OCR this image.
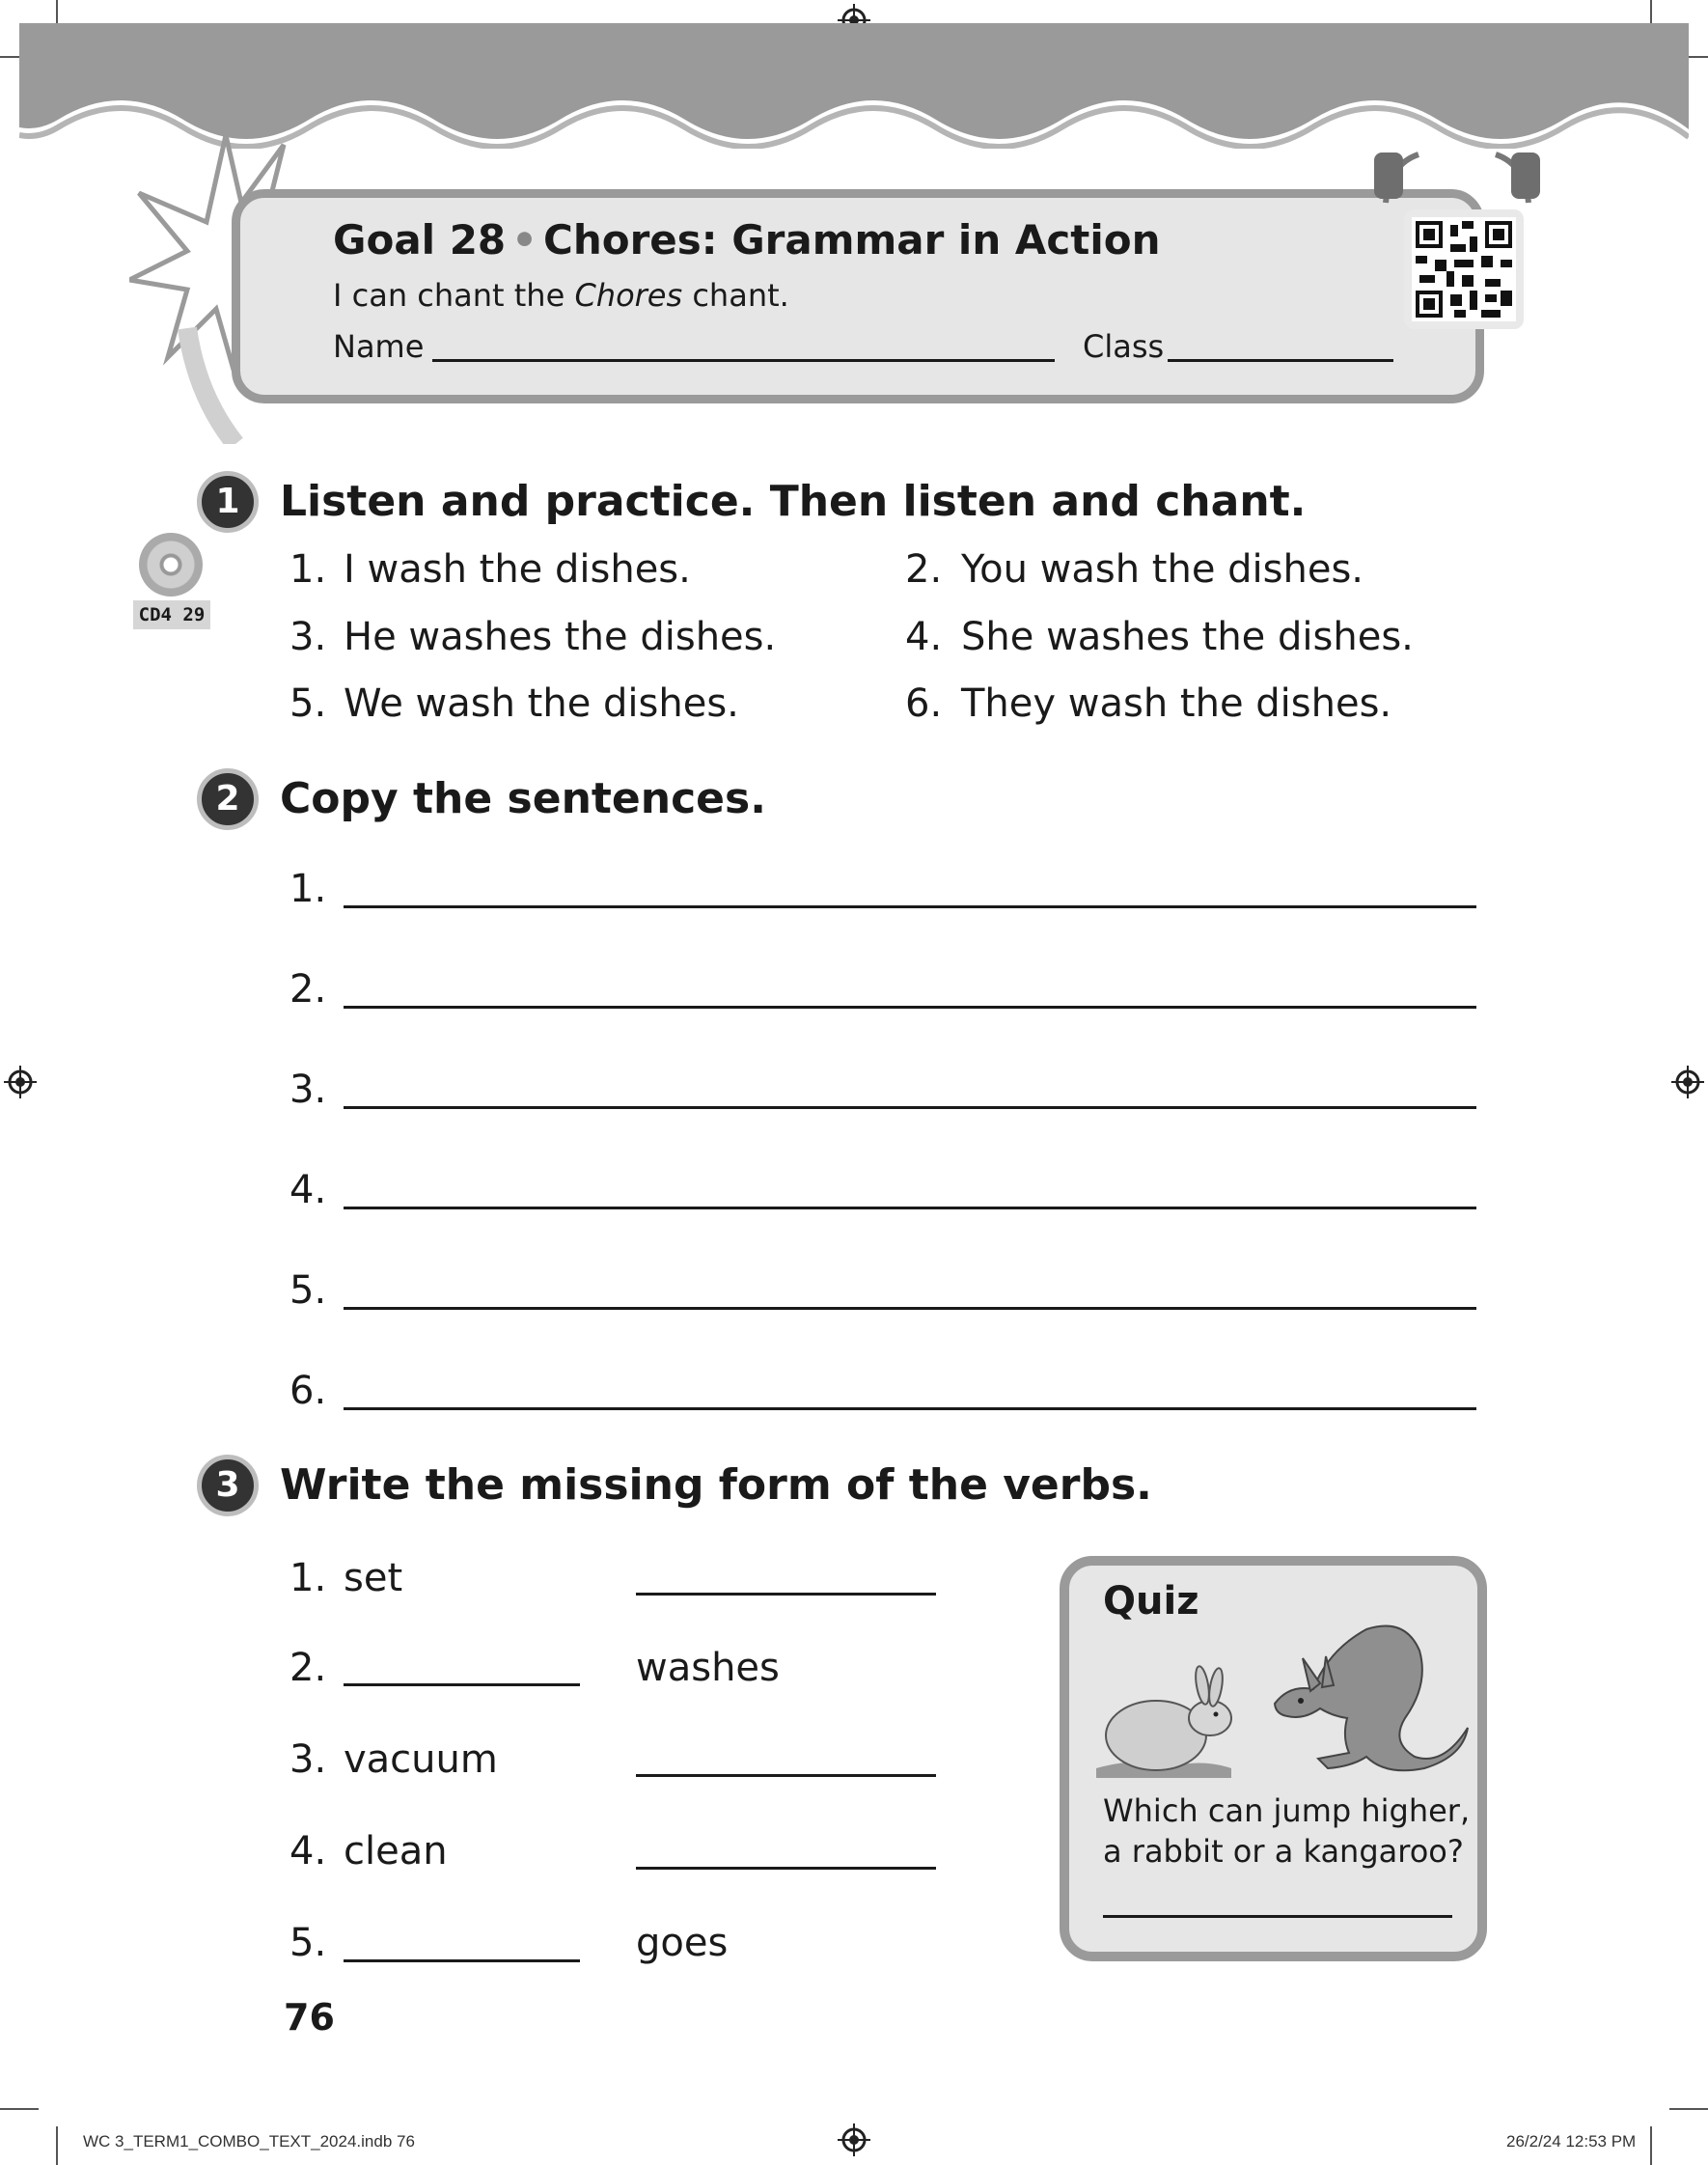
Goal 28 • Chores: Grammar in Action
I can chant the Chores chant.
Name	Class
1 Listen and practice. Then listen and chant.
CD4 29
1. I wash the dishes.	2. You wash the dishes.
3. He washes the dishes.	4. She washes the dishes.
5. We wash the dishes.	6. They wash the dishes.
2 Copy the sentences.
1.
2.
3.
4.
5.
6.
3 Write the missing form of the verbs.
1. set
2.	washes
3. vacuum
4. clean
5.	goes
Quiz
Which can jump higher,
a rabbit or a kangaroo?
76
WC 3_TERM1_COMBO_TEXT_2024.indb 76	26/2/24 12:53 PM
